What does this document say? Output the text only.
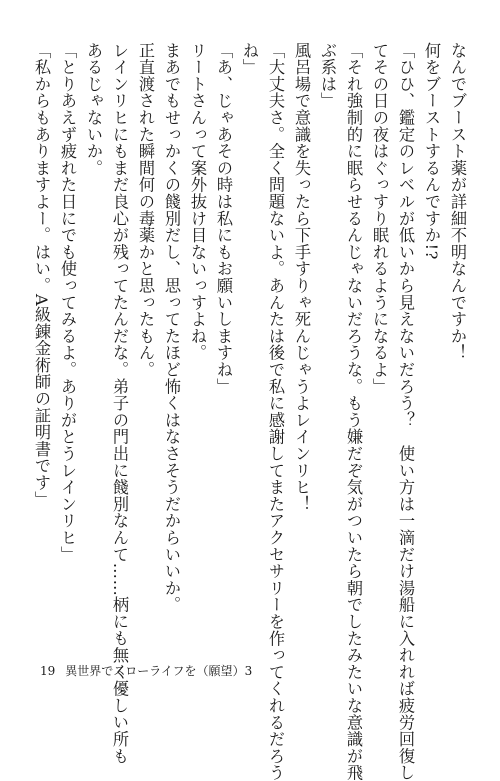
なんでブースト薬が詳細不明なんですか！

何をブーストするんですか!?

「ひひ、鑑定のレベルが低いから見えないだろう？　使い方は一滴だけ湯船に入れれば疲労回復し

てその日の夜はぐっすり眠れるようになるよ」

「それ強制的に眠らせるんじゃないだろうな。もう嫌だぞ気がついたら朝でしたみたいな意識が飛

ぶ系は」

風呂場で意識を失ったら下手すりゃ死んじゃうよレインリヒ！

「大丈夫さ。全く問題ないよ。あんたは後で私に感謝してまたアクセサリーを作ってくれるだろう

ね」

「あ、じゃあその時は私にもお願いしますね」

リートさんって案外抜け目ないっすよね。

まあでもせっかくの餞別だし、思ってたほど怖くはなさそうだからいいか。

正直渡された瞬間何の毒薬かと思ったもん。

レインリヒにもまだ良心が残ってたんだな。弟子の門出に餞別なんて……柄にも無く優しい所も

あるじゃないか。

「とりあえず疲れた日にでも使ってみるよ。ありがとうレインリヒ」

「私からもありますよー。はい。A級錬金術師の証明書です」

19 異世界でスローライフを（願望）3
